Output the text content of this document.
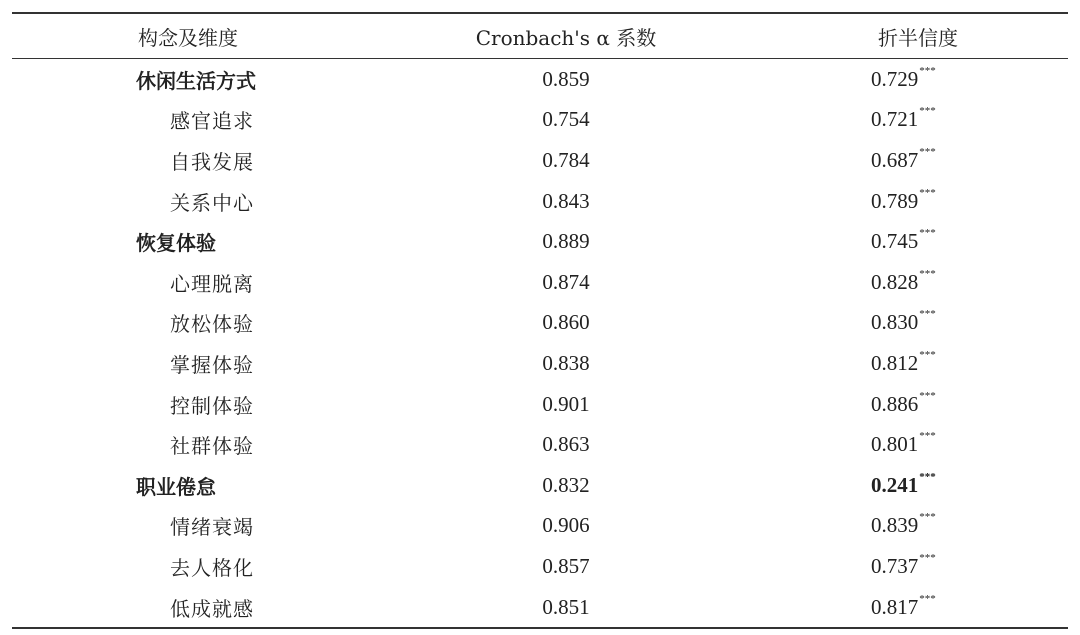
构念及维度	Cronbach's α 系数	折半信度
休闲生活方式	0.859	0.729***
感官追求	0.754	0.721***
自我发展	0.784	0.687***
关系中心	0.843	0.789***
恢复体验	0.889	0.745***
心理脱离	0.874	0.828***
放松体验	0.860	0.830***
掌握体验	0.838	0.812***
控制体验	0.901	0.886***
社群体验	0.863	0.801***
职业倦怠	0.832	0.241***
情绪衰竭	0.906	0.839***
去人格化	0.857	0.737***
低成就感	0.851	0.817***
